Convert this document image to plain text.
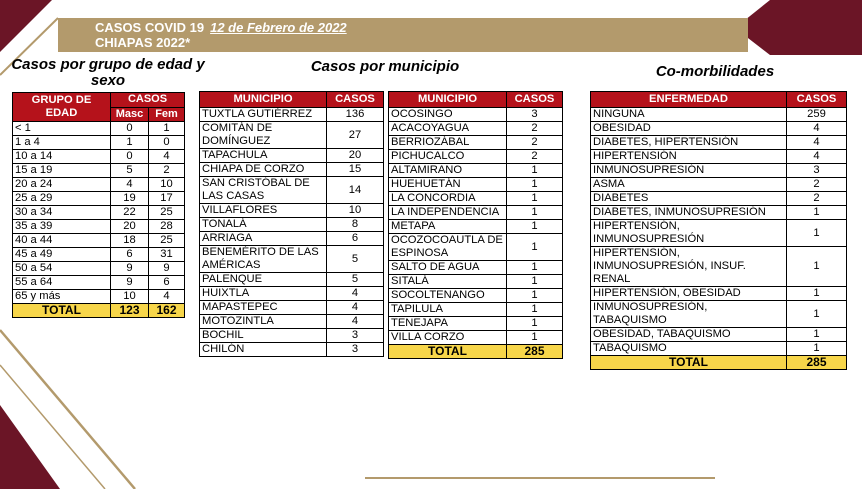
CASOS COVID 19 12 de Febrero de 2022
CHIAPAS 2022*
Casos por grupo de edad y sexo
Casos por municipio	Co-morbilidades
GRUPO DE EDAD	CASOS	
	Masc	Fem
< 1	0	1
1 a 4	1	0
10 a 14	0	4
15 a 19	5	2
20 a 24	4	10
25 a 29	19	17
30 a 34	22	25
35 a 39	20	28
40 a 44	18	25
45 a 49	6	31
50 a 54	9	9
55 a 64	9	6
65 y más	10	4
TOTAL	123	162
MUNICIPIO	CASOS
TUXTLA GUTIÉRREZ	136
COMITÁN DE DOMÍNGUEZ	27
TAPACHULA	20
CHIAPA DE CORZO	15
SAN CRISTÓBAL DE LAS CASAS	14
VILLAFLORES	10
TONALÁ	8
ARRIAGA	6
BENEMÉRITO DE LAS AMÉRICAS	5
PALENQUE	5
HUIXTLA	4
MAPASTEPEC	4
MOTOZINTLA	4
BOCHIL	3
CHILÓN	3
MUNICIPIO	CASOS
OCOSINGO	3
ACACOYAGUA	2
BERRIOZÁBAL	2
PICHUCALCO	2
ALTAMIRANO	1
HUEHUETÁN	1
LA CONCORDIA	1
LA INDEPENDENCIA	1
METAPA	1
OCOZOCOAUTLA DE ESPINOSA	1
SALTO DE AGUA	1
SITALÁ	1
SOCOLTENANGO	1
TAPILULA	1
TENEJAPA	1
VILLA CORZO	1
TOTAL	285
ENFERMEDAD	CASOS
NINGUNA	259
OBESIDAD	4
DIABETES, HIPERTENSIÓN	4
HIPERTENSIÓN	4
INMUNOSUPRESIÓN	3
ASMA	2
DIABETES	2
DIABETES, INMUNOSUPRESIÓN	1
HIPERTENSIÓN, INMUNOSUPRESIÓN	1
HIPERTENSIÓN, INMUNOSUPRESIÓN, INSUF. RENAL	1
HIPERTENSIÓN, OBESIDAD	1
INMUNOSUPRESIÓN, TABAQUISMO	1
OBESIDAD, TABAQUISMO	1
TABAQUISMO	1
TOTAL	285
